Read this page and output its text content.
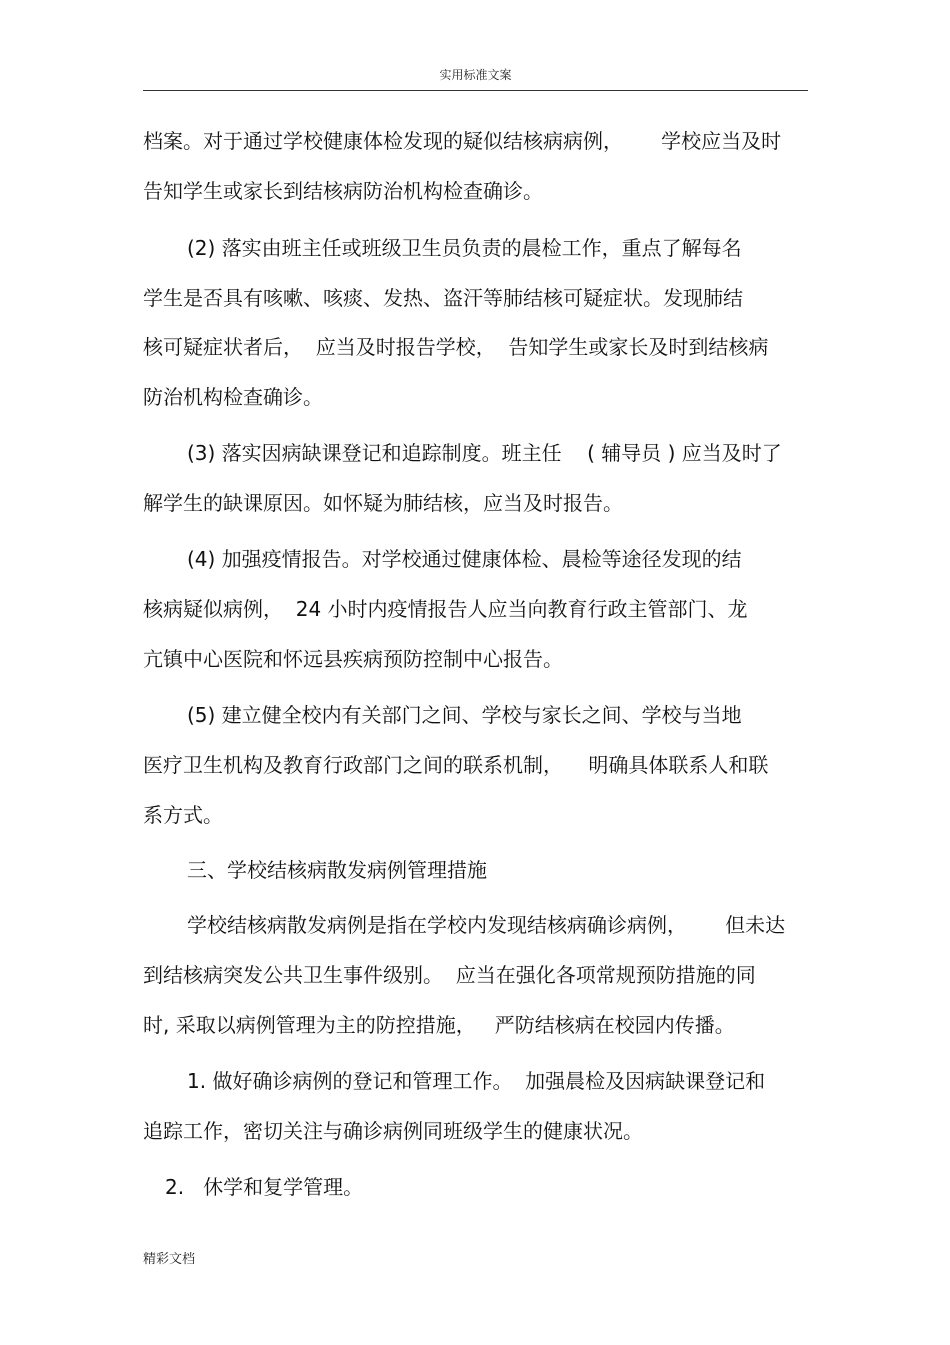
实用标准文案
档案。对于通过学校健康体检发现的疑似结核病病例，      学校应当及时
告知学生或家长到结核病防治机构检查确诊。
(2) 落实由班主任或班级卫生员负责的晨检工作，重点了解每名
学生是否具有咳嗽、咳痰、发热、盗汗等肺结核可疑症状。发现肺结
核可疑症状者后，  应当及时报告学校，  告知学生或家长及时到结核病
防治机构检查确诊。
(3) 落实因病缺课登记和追踪制度。班主任    ( 辅导员 ) 应当及时了
解学生的缺课原因。如怀疑为肺结核，应当及时报告。
(4) 加强疫情报告。对学校通过健康体检、晨检等途径发现的结
核病疑似病例，  24 小时内疫情报告人应当向教育行政主管部门、龙
亢镇中心医院和怀远县疾病预防控制中心报告。
(5) 建立健全校内有关部门之间、学校与家长之间、学校与当地
医疗卫生机构及教育行政部门之间的联系机制，    明确具体联系人和联
系方式。
三、学校结核病散发病例管理措施
学校结核病散发病例是指在学校内发现结核病确诊病例，      但未达
到结核病突发公共卫生事件级别。  应当在强化各项常规预防措施的同
时, 采取以病例管理为主的防控措施，   严防结核病在校园内传播。
1. 做好确诊病例的登记和管理工作。  加强晨检及因病缺课登记和
追踪工作，密切关注与确诊病例同班级学生的健康状况。
2.   休学和复学管理。
精彩文档
